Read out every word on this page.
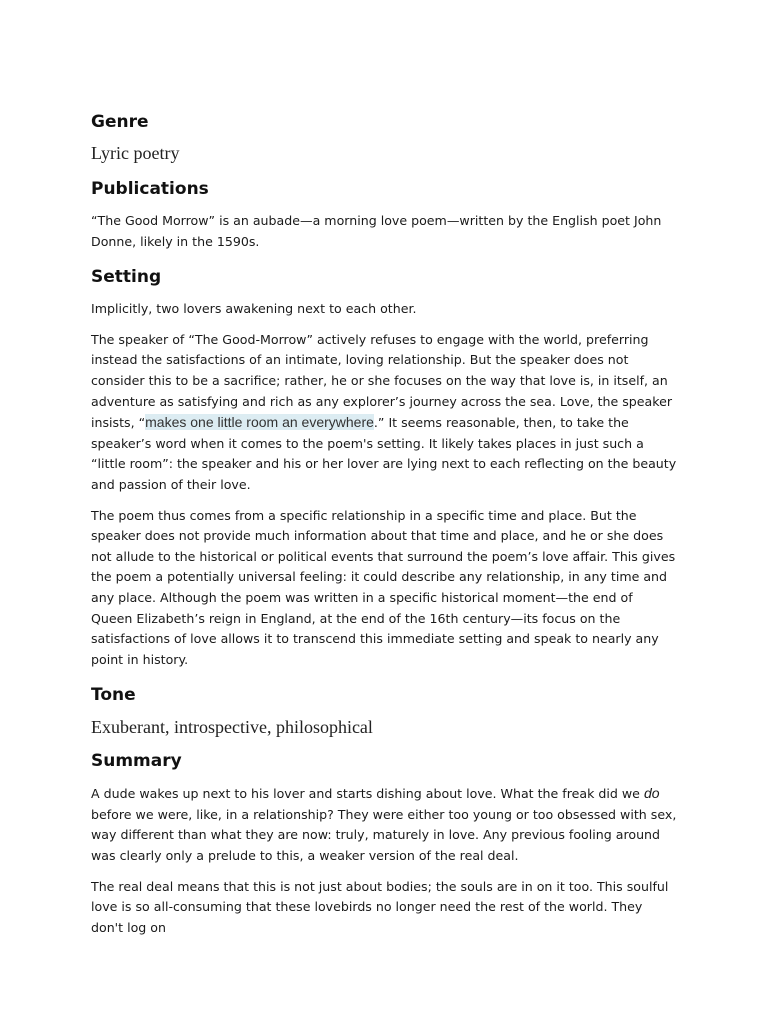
Genre

Lyric poetry

Publications

“The Good Morrow” is an aubade—a morning love poem—written by the English poet John Donne, likely in the 1590s.

Setting

Implicitly, two lovers awakening next to each other.

The speaker of “The Good-Morrow” actively refuses to engage with the world, preferring instead the satisfactions of an intimate, loving relationship. But the speaker does not consider this to be a sacrifice; rather, he or she focuses on the way that love is, in itself, an adventure as satisfying and rich as any explorer’s journey across the sea. Love, the speaker insists, “makes one little room an everywhere.” It seems reasonable, then, to take the speaker’s word when it comes to the poem's setting. It likely takes places in just such a “little room”: the speaker and his or her lover are lying next to each reflecting on the beauty and passion of their love.

The poem thus comes from a specific relationship in a specific time and place. But the speaker does not provide much information about that time and place, and he or she does not allude to the historical or political events that surround the poem’s love affair. This gives the poem a potentially universal feeling: it could describe any relationship, in any time and any place. Although the poem was written in a specific historical moment—the end of Queen Elizabeth’s reign in England, at the end of the 16th century—its focus on the satisfactions of love allows it to transcend this immediate setting and speak to nearly any point in history.

Tone

Exuberant, introspective, philosophical

Summary

A dude wakes up next to his lover and starts dishing about love. What the freak did we do before we were, like, in a relationship? They were either too young or too obsessed with sex, way different than what they are now: truly, maturely in love. Any previous fooling around was clearly only a prelude to this, a weaker version of the real deal.

The real deal means that this is not just about bodies; the souls are in on it too. This soulful love is so all-consuming that these lovebirds no longer need the rest of the world. They don't log on
